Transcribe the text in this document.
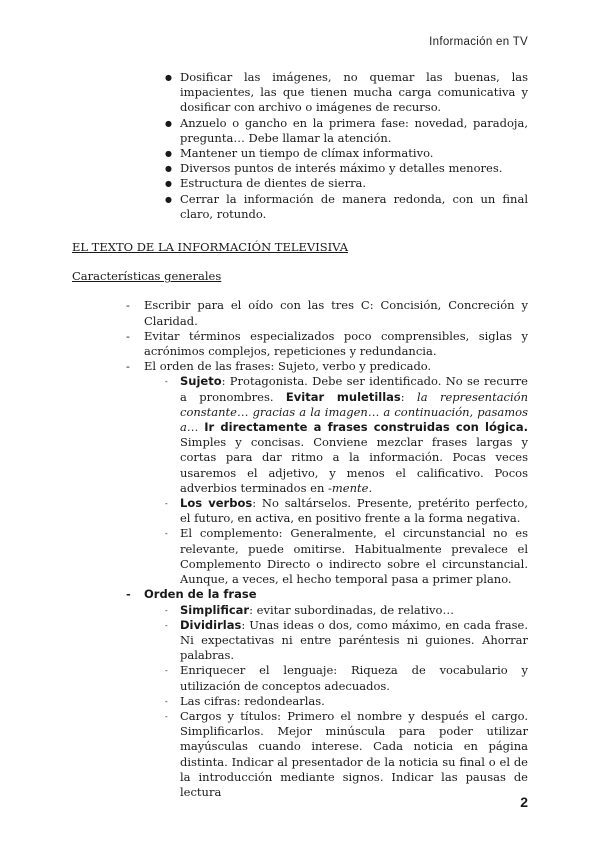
Información en TV
● Dosificar las imágenes, no quemar las buenas, las impacientes, las que tienen mucha carga comunicativa y dosificar con archivo o imágenes de recurso.
● Anzuelo o gancho en la primera fase: novedad, paradoja, pregunta… Debe llamar la atención.
● Mantener un tiempo de clímax informativo.
● Diversos puntos de interés máximo y detalles menores.
● Estructura de dientes de sierra.
● Cerrar la información de manera redonda, con un final claro, rotundo.
EL TEXTO DE LA INFORMACIÓN TELEVISIVA
Características generales
- Escribir para el oído con las tres C: Concisión, Concreción y Claridad.
- Evitar términos especializados poco comprensibles, siglas y acrónimos complejos, repeticiones y redundancia.
- El orden de las frases: Sujeto, verbo y predicado.
- Sujeto: Protagonista. Debe ser identificado. No se recurre a pronombres. Evitar muletillas: la representación constante… gracias a la imagen… a continuación, pasamos a… Ir directamente a frases construidas con lógica. Simples y concisas. Conviene mezclar frases largas y cortas para dar ritmo a la información. Pocas veces usaremos el adjetivo, y menos el calificativo. Pocos adverbios terminados en -mente.
- Los verbos: No saltárselos. Presente, pretérito perfecto, el futuro, en activa, en positivo frente a la forma negativa.
- El complemento: Generalmente, el circunstancial no es relevante, puede omitirse. Habitualmente prevalece el Complemento Directo o indirecto sobre el circunstancial. Aunque, a veces, el hecho temporal pasa a primer plano.
- Orden de la frase
- Simplificar: evitar subordinadas, de relativo…
- Dividirlas: Unas ideas o dos, como máximo, en cada frase. Ni expectativas ni entre paréntesis ni guiones. Ahorrar palabras.
- Enriquecer el lenguaje: Riqueza de vocabulario y utilización de conceptos adecuados.
- Las cifras: redondearlas.
- Cargos y títulos: Primero el nombre y después el cargo. Simplificarlos. Mejor minúscula para poder utilizar mayúsculas cuando interese. Cada noticia en página distinta. Indicar al presentador de la noticia su final o el de la introducción mediante signos. Indicar las pausas de lectura
2
